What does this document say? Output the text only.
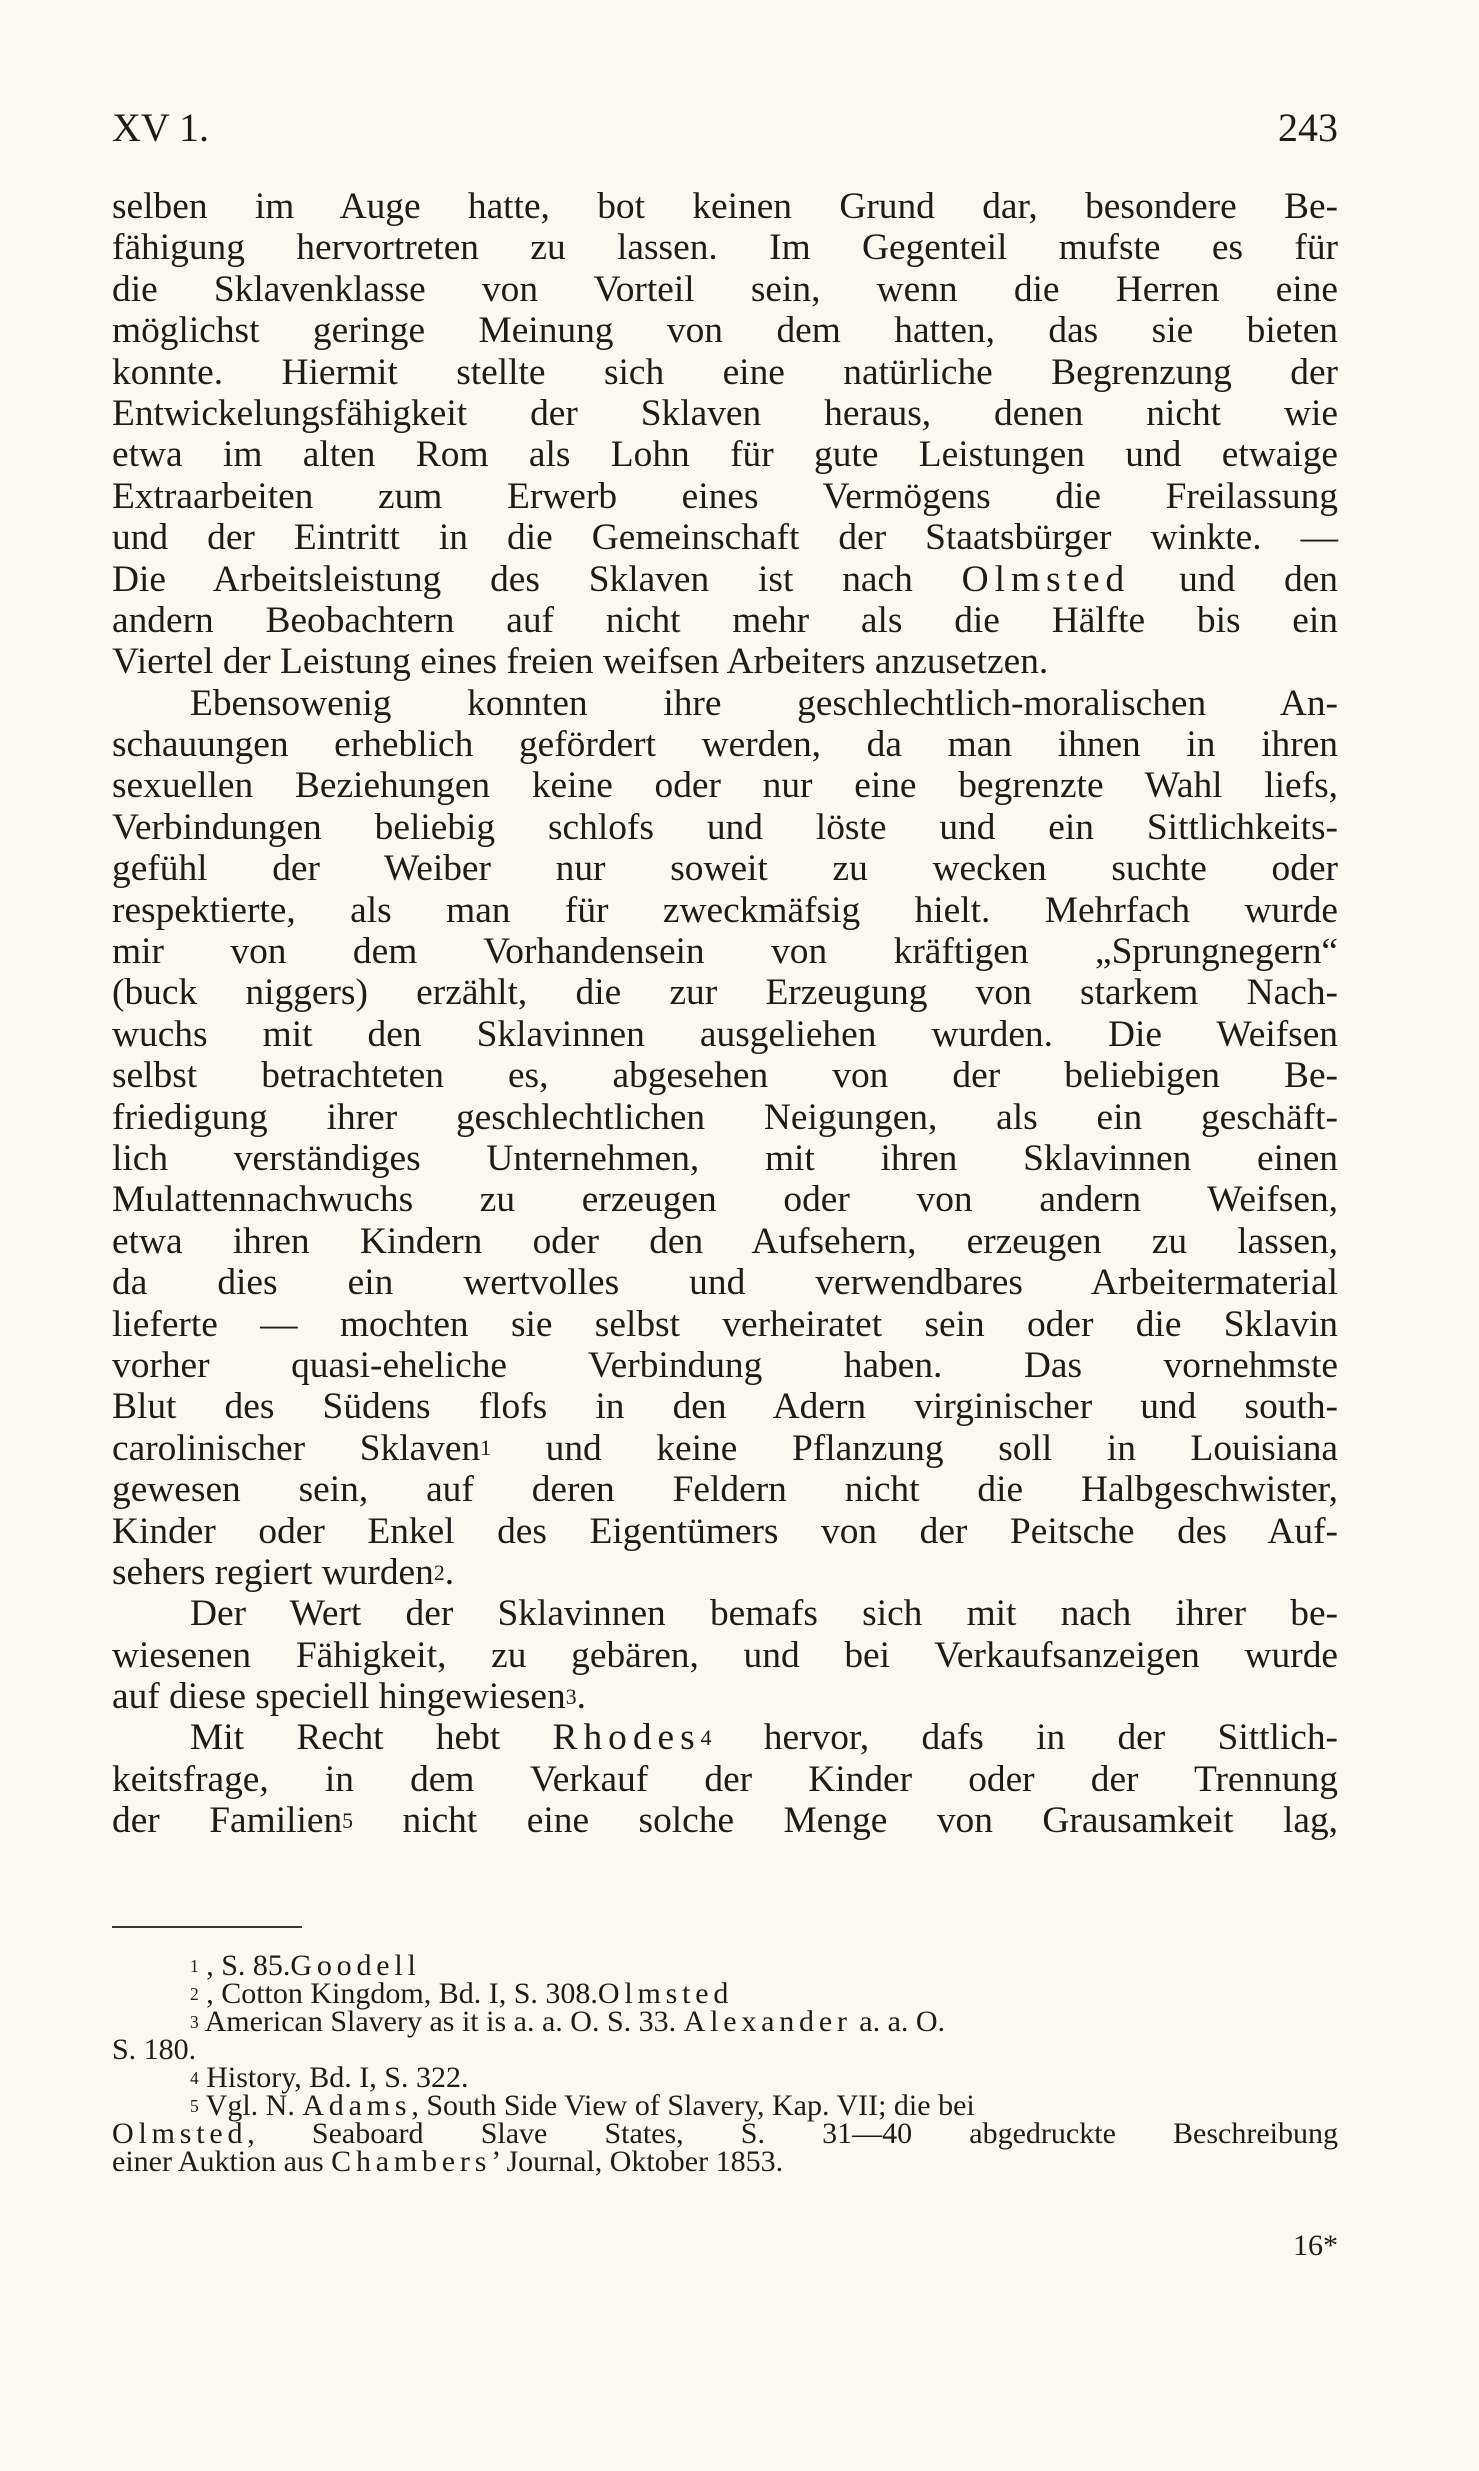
XV 1.	243
selben im Auge hatte, bot keinen Grund dar, besondere Be-
fähigung hervortreten zu lassen. Im Gegenteil mufste es für
die Sklavenklasse von Vorteil sein, wenn die Herren eine
möglichst geringe Meinung von dem hatten, das sie bieten
konnte. Hiermit stellte sich eine natürliche Begrenzung der
Entwickelungsfähigkeit der Sklaven heraus, denen nicht wie
etwa im alten Rom als Lohn für gute Leistungen und etwaige
Extraarbeiten zum Erwerb eines Vermögens die Freilassung
und der Eintritt in die Gemeinschaft der Staatsbürger winkte. —
Die Arbeitsleistung des Sklaven ist nach Olmsted und den
andern Beobachtern auf nicht mehr als die Hälfte bis ein
Viertel der Leistung eines freien weifsen Arbeiters anzusetzen.
Ebensowenig konnten ihre geschlechtlich-moralischen An-
schauungen erheblich gefördert werden, da man ihnen in ihren
sexuellen Beziehungen keine oder nur eine begrenzte Wahl liefs,
Verbindungen beliebig schlofs und löste und ein Sittlichkeits-
gefühl der Weiber nur soweit zu wecken suchte oder
respektierte, als man für zweckmäfsig hielt. Mehrfach wurde
mir von dem Vorhandensein von kräftigen „Sprungnegern“
(buck niggers) erzählt, die zur Erzeugung von starkem Nach-
wuchs mit den Sklavinnen ausgeliehen wurden. Die Weifsen
selbst betrachteten es, abgesehen von der beliebigen Be-
friedigung ihrer geschlechtlichen Neigungen, als ein geschäft-
lich verständiges Unternehmen, mit ihren Sklavinnen einen
Mulattennachwuchs zu erzeugen oder von andern Weifsen,
etwa ihren Kindern oder den Aufsehern, erzeugen zu lassen,
da dies ein wertvolles und verwendbares Arbeitermaterial
lieferte — mochten sie selbst verheiratet sein oder die Sklavin
vorher quasi-eheliche Verbindung haben. Das vornehmste
Blut des Südens flofs in den Adern virginischer und south-
carolinischer Sklaven$^1$ und keine Pflanzung soll in Louisiana
gewesen sein, auf deren Feldern nicht die Halbgeschwister,
Kinder oder Enkel des Eigentümers von der Peitsche des Auf-
sehers regiert wurden$^2$.
Der Wert der Sklavinnen bemafs sich mit nach ihrer be-
wiesenen Fähigkeit, zu gebären, und bei Verkaufsanzeigen wurde
auf diese speciell hingewiesen$^3$.
Mit Recht hebt Rhodes$^4$ hervor, dafs in der Sittlich-
keitsfrage, in dem Verkauf der Kinder oder der Trennung
der Familien$^5$ nicht eine solche Menge von Grausamkeit lag,
$^1$ , S. 85.Goodell
$^2$ , Cotton Kingdom, Bd. I, S. 308.Olmsted
$^3$ American Slavery as it is a. a. O. S. 33. Alexander a. a. O.
S. 180.
$^4$ History, Bd. I, S. 322.
$^5$ Vgl. N. Adams, South Side View of Slavery, Kap. VII; die bei
Olmsted, Seaboard Slave States, S. 31—40 abgedruckte Beschreibung
einer Auktion aus Chambers’ Journal, Oktober 1853.
16*
